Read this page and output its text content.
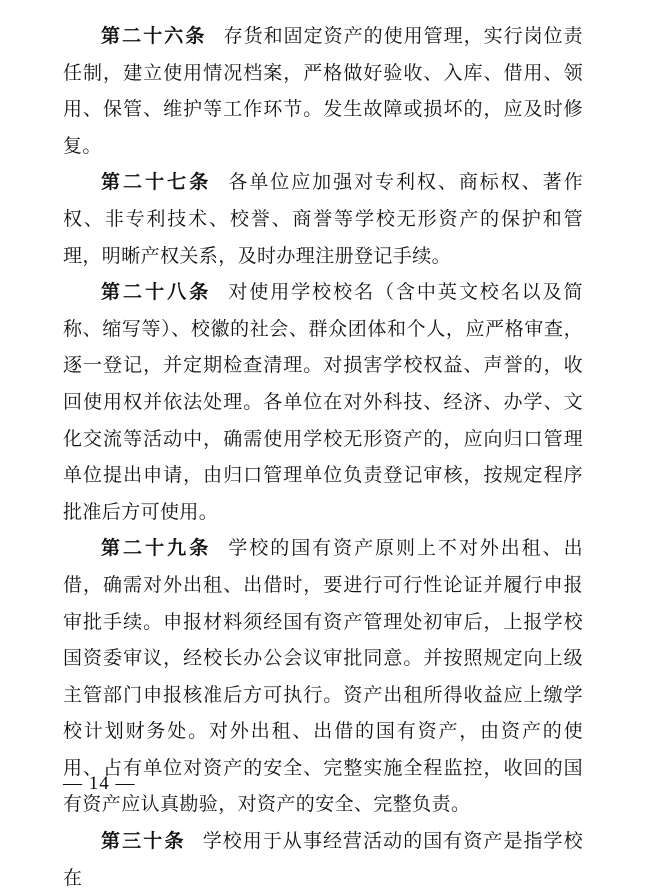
第二十六条 存货和固定资产的使用管理，实行岗位责任制，建立使用情况档案，严格做好验收、入库、借用、领用、保管、维护等工作环节。发生故障或损坏的，应及时修复。

第二十七条 各单位应加强对专利权、商标权、著作权、非专利技术、校誉、商誉等学校无形资产的保护和管理，明晰产权关系，及时办理注册登记手续。

第二十八条 对使用学校校名（含中英文校名以及简称、缩写等）、校徽的社会、群众团体和个人，应严格审查，逐一登记，并定期检查清理。对损害学校权益、声誉的，收回使用权并依法处理。各单位在对外科技、经济、办学、文化交流等活动中，确需使用学校无形资产的，应向归口管理单位提出申请，由归口管理单位负责登记审核，按规定程序批准后方可使用。

第二十九条 学校的国有资产原则上不对外出租、出借，确需对外出租、出借时，要进行可行性论证并履行申报审批手续。申报材料须经国有资产管理处初审后，上报学校国资委审议，经校长办公会议审批同意。并按照规定向上级主管部门申报核准后方可执行。资产出租所得收益应上缴学校计划财务处。对外出租、出借的国有资产，由资产的使用、占有单位对资产的安全、完整实施全程监控，收回的国有资产应认真勘验，对资产的安全、完整负责。

第三十条 学校用于从事经营活动的国有资产是指学校在

— 14 —
